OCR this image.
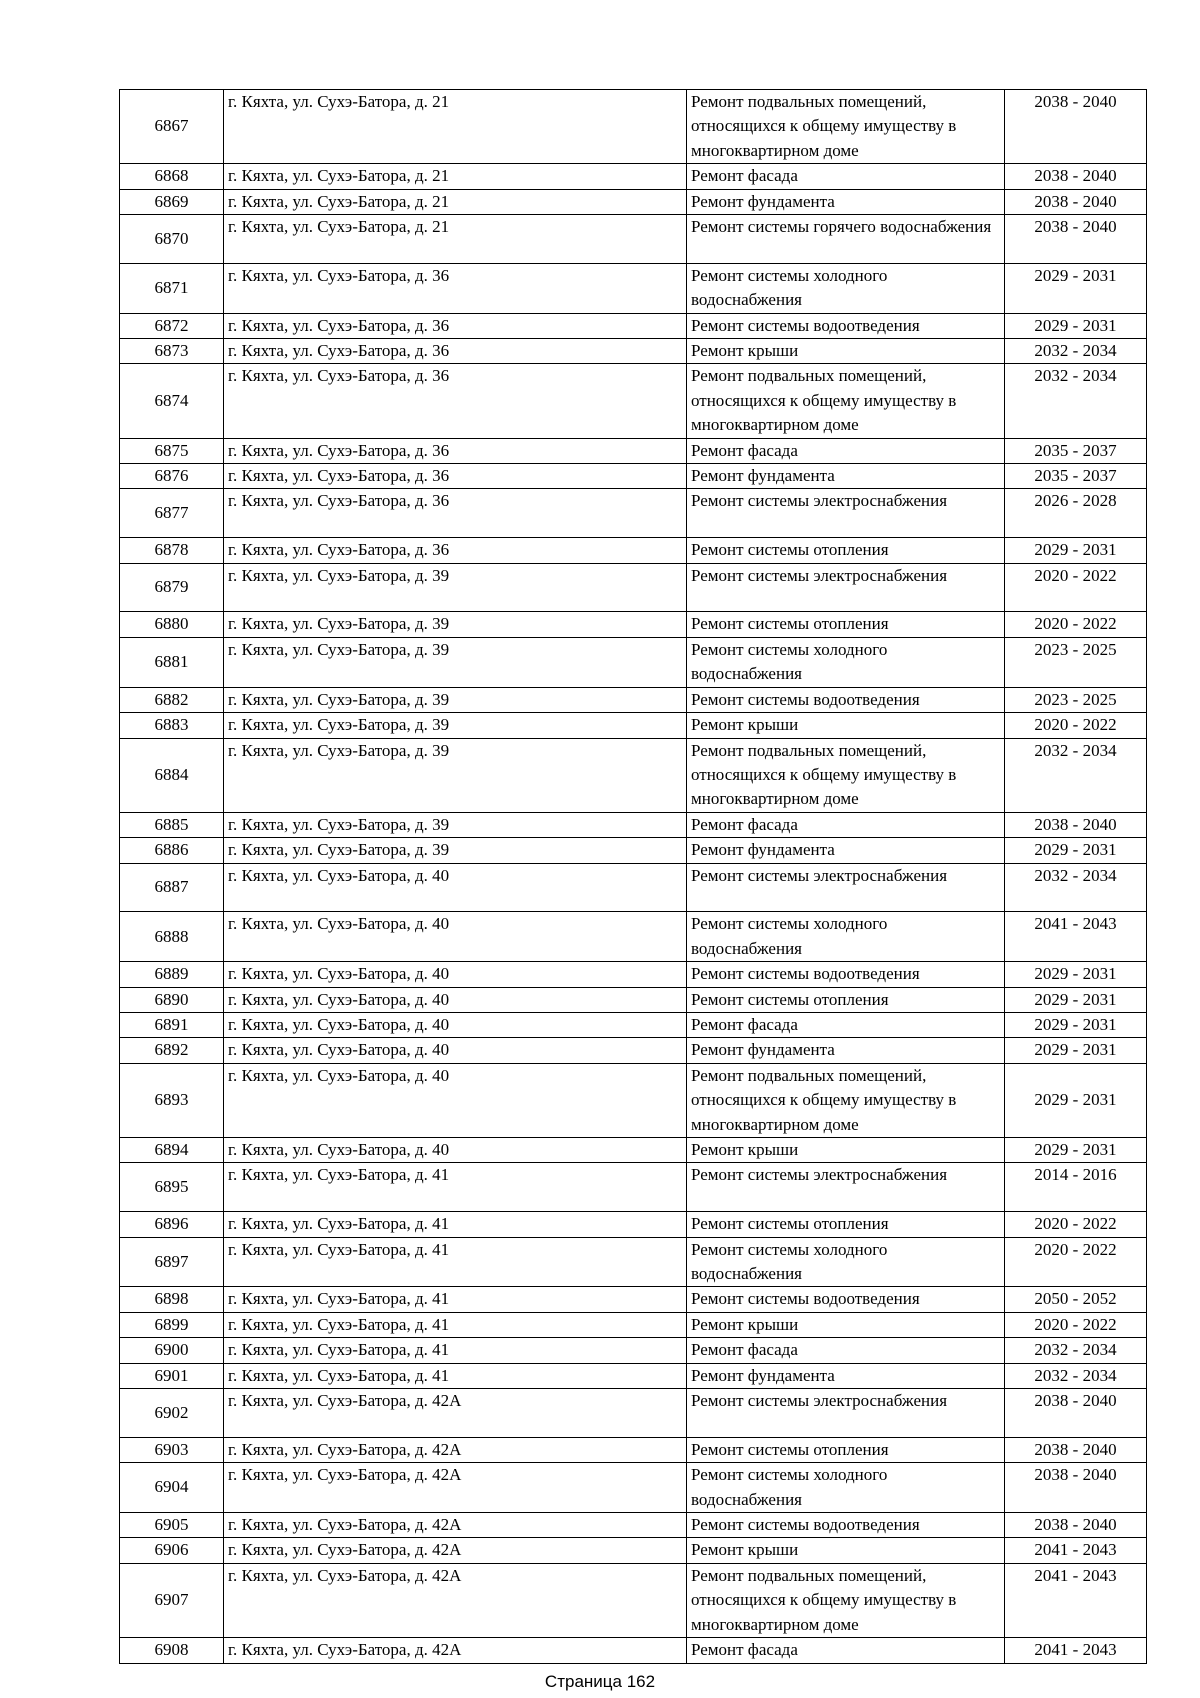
6867	г. Кяхта, ул. Сухэ-Батора, д. 21	Ремонт подвальных помещений, относящихся к общему имуществу в многоквартирном доме	2038 - 2040
6868	г. Кяхта, ул. Сухэ-Батора, д. 21	Ремонт фасада	2038 - 2040
6869	г. Кяхта, ул. Сухэ-Батора, д. 21	Ремонт фундамента	2038 - 2040
6870	г. Кяхта, ул. Сухэ-Батора, д. 21	Ремонт системы горячего водоснабжения	2038 - 2040
6871	г. Кяхта, ул. Сухэ-Батора, д. 36	Ремонт системы холодного водоснабжения	2029 - 2031
6872	г. Кяхта, ул. Сухэ-Батора, д. 36	Ремонт системы водоотведения	2029 - 2031
6873	г. Кяхта, ул. Сухэ-Батора, д. 36	Ремонт крыши	2032 - 2034
6874	г. Кяхта, ул. Сухэ-Батора, д. 36	Ремонт подвальных помещений, относящихся к общему имуществу в многоквартирном доме	2032 - 2034
6875	г. Кяхта, ул. Сухэ-Батора, д. 36	Ремонт фасада	2035 - 2037
6876	г. Кяхта, ул. Сухэ-Батора, д. 36	Ремонт фундамента	2035 - 2037
6877	г. Кяхта, ул. Сухэ-Батора, д. 36	Ремонт системы электроснабжения	2026 - 2028
6878	г. Кяхта, ул. Сухэ-Батора, д. 36	Ремонт системы отопления	2029 - 2031
6879	г. Кяхта, ул. Сухэ-Батора, д. 39	Ремонт системы электроснабжения	2020 - 2022
6880	г. Кяхта, ул. Сухэ-Батора, д. 39	Ремонт системы отопления	2020 - 2022
6881	г. Кяхта, ул. Сухэ-Батора, д. 39	Ремонт системы холодного водоснабжения	2023 - 2025
6882	г. Кяхта, ул. Сухэ-Батора, д. 39	Ремонт системы водоотведения	2023 - 2025
6883	г. Кяхта, ул. Сухэ-Батора, д. 39	Ремонт крыши	2020 - 2022
6884	г. Кяхта, ул. Сухэ-Батора, д. 39	Ремонт подвальных помещений, относящихся к общему имуществу в многоквартирном доме	2032 - 2034
6885	г. Кяхта, ул. Сухэ-Батора, д. 39	Ремонт фасада	2038 - 2040
6886	г. Кяхта, ул. Сухэ-Батора, д. 39	Ремонт фундамента	2029 - 2031
6887	г. Кяхта, ул. Сухэ-Батора, д. 40	Ремонт системы электроснабжения	2032 - 2034
6888	г. Кяхта, ул. Сухэ-Батора, д. 40	Ремонт системы холодного водоснабжения	2041 - 2043
6889	г. Кяхта, ул. Сухэ-Батора, д. 40	Ремонт системы водоотведения	2029 - 2031
6890	г. Кяхта, ул. Сухэ-Батора, д. 40	Ремонт системы отопления	2029 - 2031
6891	г. Кяхта, ул. Сухэ-Батора, д. 40	Ремонт фасада	2029 - 2031
6892	г. Кяхта, ул. Сухэ-Батора, д. 40	Ремонт фундамента	2029 - 2031
6893	г. Кяхта, ул. Сухэ-Батора, д. 40	Ремонт подвальных помещений, относящихся к общему имуществу в многоквартирном доме	2029 - 2031
6894	г. Кяхта, ул. Сухэ-Батора, д. 40	Ремонт крыши	2029 - 2031
6895	г. Кяхта, ул. Сухэ-Батора, д. 41	Ремонт системы электроснабжения	2014 - 2016
6896	г. Кяхта, ул. Сухэ-Батора, д. 41	Ремонт системы отопления	2020 - 2022
6897	г. Кяхта, ул. Сухэ-Батора, д. 41	Ремонт системы холодного водоснабжения	2020 - 2022
6898	г. Кяхта, ул. Сухэ-Батора, д. 41	Ремонт системы водоотведения	2050 - 2052
6899	г. Кяхта, ул. Сухэ-Батора, д. 41	Ремонт крыши	2020 - 2022
6900	г. Кяхта, ул. Сухэ-Батора, д. 41	Ремонт фасада	2032 - 2034
6901	г. Кяхта, ул. Сухэ-Батора, д. 41	Ремонт фундамента	2032 - 2034
6902	г. Кяхта, ул. Сухэ-Батора, д. 42А	Ремонт системы электроснабжения	2038 - 2040
6903	г. Кяхта, ул. Сухэ-Батора, д. 42А	Ремонт системы отопления	2038 - 2040
6904	г. Кяхта, ул. Сухэ-Батора, д. 42А	Ремонт системы холодного водоснабжения	2038 - 2040
6905	г. Кяхта, ул. Сухэ-Батора, д. 42А	Ремонт системы водоотведения	2038 - 2040
6906	г. Кяхта, ул. Сухэ-Батора, д. 42А	Ремонт крыши	2041 - 2043
6907	г. Кяхта, ул. Сухэ-Батора, д. 42А	Ремонт подвальных помещений, относящихся к общему имуществу в многоквартирном доме	2041 - 2043
6908	г. Кяхта, ул. Сухэ-Батора, д. 42А	Ремонт фасада	2041 - 2043
Страница 162
